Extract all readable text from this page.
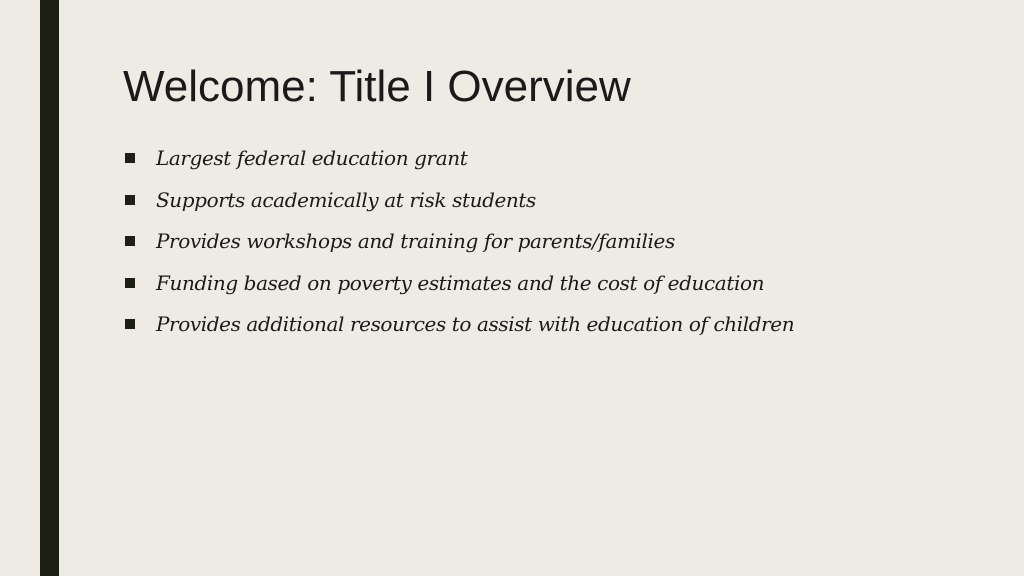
Welcome: Title I Overview
Largest federal education grant
Supports academically at risk students
Provides workshops and training for parents/families
Funding based on poverty estimates and the cost of education
Provides additional resources to assist with education of children
